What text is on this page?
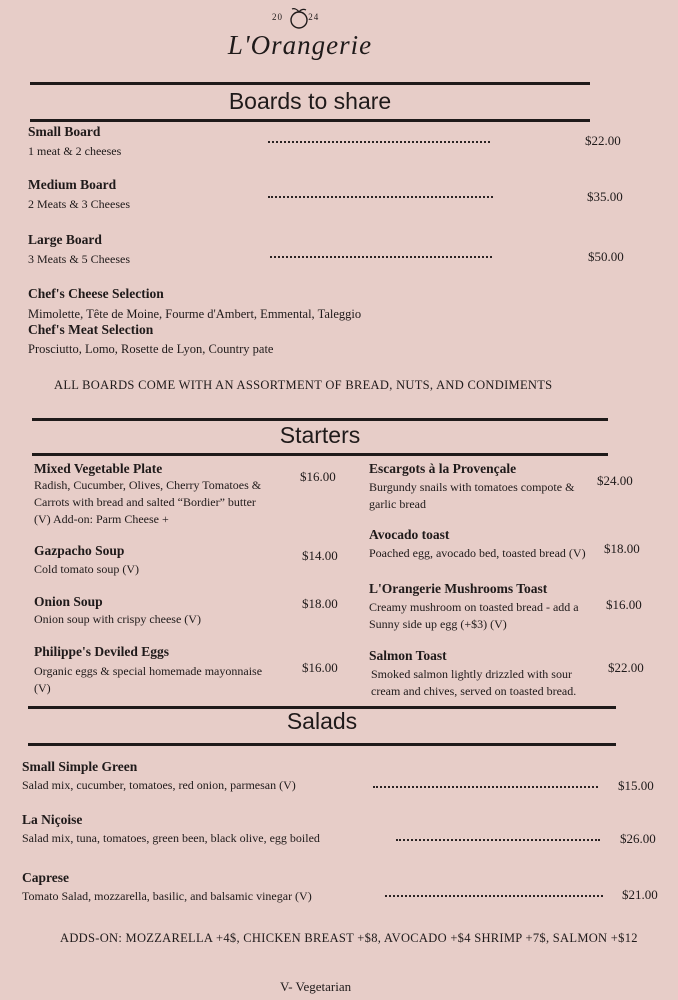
20	24
L'Orangerie
Boards to share
Small Board
1 meat & 2 cheeses
$22.00
Medium Board
2 Meats & 3 Cheeses	$35.00
Large Board
3 Meats & 5 Cheeses	$50.00
Chef's Cheese Selection
Mimolette, Tête de Moine, Fourme d'Ambert, Emmental, Taleggio
Chef's Meat Selection
Prosciutto, Lomo, Rosette de Lyon, Country pate
ALL BOARDS COME WITH AN ASSORTMENT OF BREAD, NUTS, AND CONDIMENTS
Starters
Mixed Vegetable Plate
Radish, Cucumber, Olives, Cherry Tomatoes &
Carrots with bread and salted “Bordier” butter
(V) Add-on: Parm Cheese +
$16.00
Gazpacho Soup
Cold tomato soup (V)
$14.00
Onion Soup
Onion soup with crispy cheese (V)
$18.00
Philippe's Deviled Eggs
Organic eggs & special homemade mayonnaise
(V)
$16.00
Escargots à la Provençale
Burgundy snails with tomatoes compote &
garlic bread
$24.00
Avocado toast
Poached egg, avocado bed, toasted bread (V) $18.00
L'Orangerie Mushrooms Toast
Creamy mushroom on toasted bread - add a
Sunny side up egg (+$3) (V)
$16.00
Salmon Toast
Smoked salmon lightly drizzled with sour
cream and chives, served on toasted bread.
$22.00
Salads
Small Simple Green
Salad mix, cucumber, tomatoes, red onion, parmesan (V)	$15.00
La Niçoise
Salad mix, tuna, tomatoes, green been, black olive, egg boiled	$26.00
Caprese
Tomato Salad, mozzarella, basilic, and balsamic vinegar (V)	$21.00
ADDS-ON: MOZZARELLA +4$, CHICKEN BREAST +$8, AVOCADO +$4 SHRIMP +7$, SALMON +$12
V- Vegetarian
